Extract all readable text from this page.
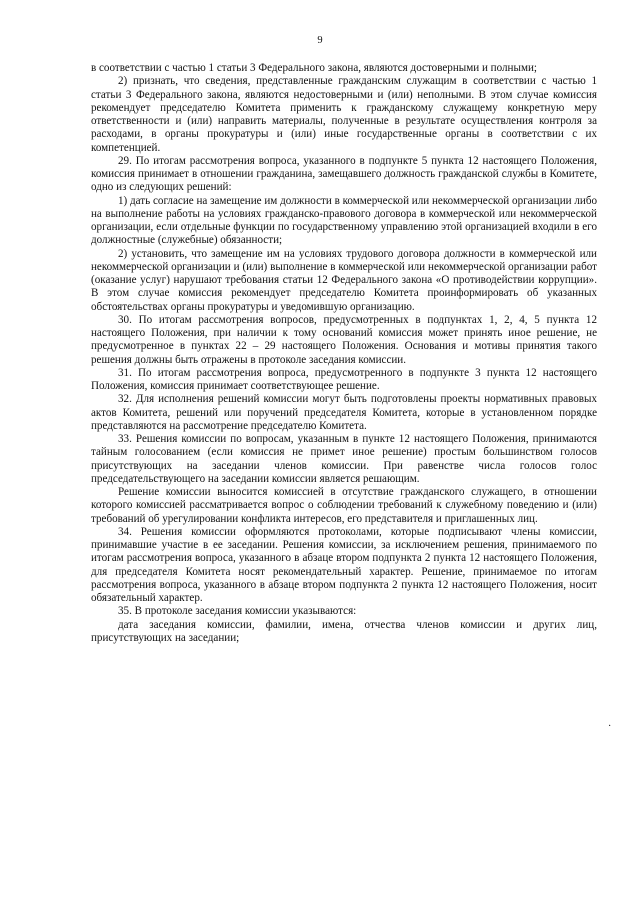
9

в соответствии с частью 1 статьи 3 Федерального закона, являются достоверными и полными;

2) признать, что сведения, представленные гражданским служащим в соответствии с частью 1 статьи 3 Федерального закона, являются недостоверными и (или) неполными. В этом случае комиссия рекомендует председателю Комитета применить к гражданскому служащему конкретную меру ответственности и (или) направить материалы, полученные в результате осуществления контроля за расходами, в органы прокуратуры и (или) иные государственные органы в соответствии с их компетенцией.

29. По итогам рассмотрения вопроса, указанного в подпункте 5 пункта 12 настоящего Положения, комиссия принимает в отношении гражданина, замещавшего должность гражданской службы в Комитете, одно из следующих решений:

1) дать согласие на замещение им должности в коммерческой или некоммерческой организации либо на выполнение работы на условиях гражданско-правового договора в коммерческой или некоммерческой организации, если отдельные функции по государственному управлению этой организацией входили в его должностные (служебные) обязанности;

2) установить, что замещение им на условиях трудового договора должности в коммерческой или некоммерческой организации и (или) выполнение в коммерческой или некоммерческой организации работ (оказание услуг) нарушают требования статьи 12 Федерального закона «О противодействии коррупции». В этом случае комиссия рекомендует председателю Комитета проинформировать об указанных обстоятельствах органы прокуратуры и уведомившую организацию.

30. По итогам рассмотрения вопросов, предусмотренных в подпунктах 1, 2, 4, 5 пункта 12 настоящего Положения, при наличии к тому оснований комиссия может принять иное решение, не предусмотренное в пунктах 22 – 29 настоящего Положения. Основания и мотивы принятия такого решения должны быть отражены в протоколе заседания комиссии.

31. По итогам рассмотрения вопроса, предусмотренного в подпункте 3 пункта 12 настоящего Положения, комиссия принимает соответствующее решение.

32. Для исполнения решений комиссии могут быть подготовлены проекты нормативных правовых актов Комитета, решений или поручений председателя Комитета, которые в установленном порядке представляются на рассмотрение председателю Комитета.

33. Решения комиссии по вопросам, указанным в пункте 12 настоящего Положения, принимаются тайным голосованием (если комиссия не примет иное решение) простым большинством голосов присутствующих на заседании членов комиссии. При равенстве числа голосов голос председательствующего на заседании комиссии является решающим.

Решение комиссии выносится комиссией в отсутствие гражданского служащего, в отношении которого комиссией рассматривается вопрос о соблюдении требований к служебному поведению и (или) требований об урегулировании конфликта интересов, его представителя и приглашенных лиц.

34. Решения комиссии оформляются протоколами, которые подписывают члены комиссии, принимавшие участие в ее заседании. Решения комиссии, за исключением решения, принимаемого по итогам рассмотрения вопроса, указанного в абзаце втором подпункта 2 пункта 12 настоящего Положения, для председателя Комитета носят рекомендательный характер. Решение, принимаемое по итогам рассмотрения вопроса, указанного в абзаце втором подпункта 2 пункта 12 настоящего Положения, носит обязательный характер.

35. В протоколе заседания комиссии указываются:

дата заседания комиссии, фамилии, имена, отчества членов комиссии и других лиц, присутствующих на заседании;

·
